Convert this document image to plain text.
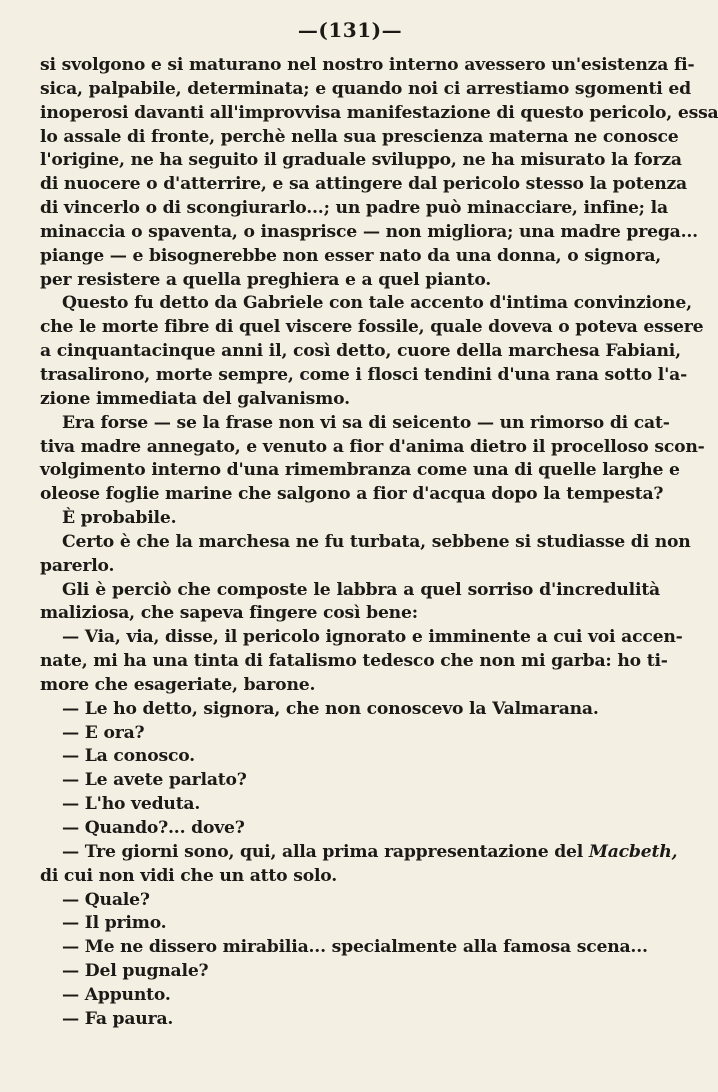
—(131)—
si svolgono e si maturano nel nostro interno avessero un'esistenza fi-
sica, palpabile, determinata; e quando noi ci arrestiamo sgomenti ed
inoperosi davanti all'improvvisa manifestazione di questo pericolo, essa
lo assale di fronte, perchè nella sua prescienza materna ne conosce
l'origine, ne ha seguito il graduale sviluppo, ne ha misurato la forza
di nuocere o d'atterrire, e sa attingere dal pericolo stesso la potenza
di vincerlo o di scongiurarlo...; un padre può minacciare, infine; la
minaccia o spaventa, o inasprisce — non migliora; una madre prega...
piange — e bisognerebbe non esser nato da una donna, o signora,
per resistere a quella preghiera e a quel pianto.
Questo fu detto da Gabriele con tale accento d'intima convinzione,
che le morte fibre di quel viscere fossile, quale doveva o poteva essere
a cinquantacinque anni il, così detto, cuore della marchesa Fabiani,
trasalirono, morte sempre, come i flosci tendini d'una rana sotto l'a-
zione immediata del galvanismo.
Era forse — se la frase non vi sa di seicento — un rimorso di cat-
tiva madre annegato, e venuto a fior d'anima dietro il procelloso scon-
volgimento interno d'una rimembranza come una di quelle larghe e
oleose foglie marine che salgono a fior d'acqua dopo la tempesta?
È probabile.
Certo è che la marchesa ne fu turbata, sebbene si studiasse di non
parerlo.
Gli è perciò che composte le labbra a quel sorriso d'incredulità
maliziosa, che sapeva fingere così bene:
— Via, via, disse, il pericolo ignorato e imminente a cui voi accen-
nate, mi ha una tinta di fatalismo tedesco che non mi garba: ho ti-
more che esageriate, barone.
— Le ho detto, signora, che non conoscevo la Valmarana.
— E ora?
— La conosco.
— Le avete parlato?
— L'ho veduta.
— Quando?... dove?
— Tre giorni sono, qui, alla prima rappresentazione del Macbeth,
di cui non vidi che un atto solo.
— Quale?
— Il primo.
— Me ne dissero mirabilia... specialmente alla famosa scena...
— Del pugnale?
— Appunto.
— Fa paura.
